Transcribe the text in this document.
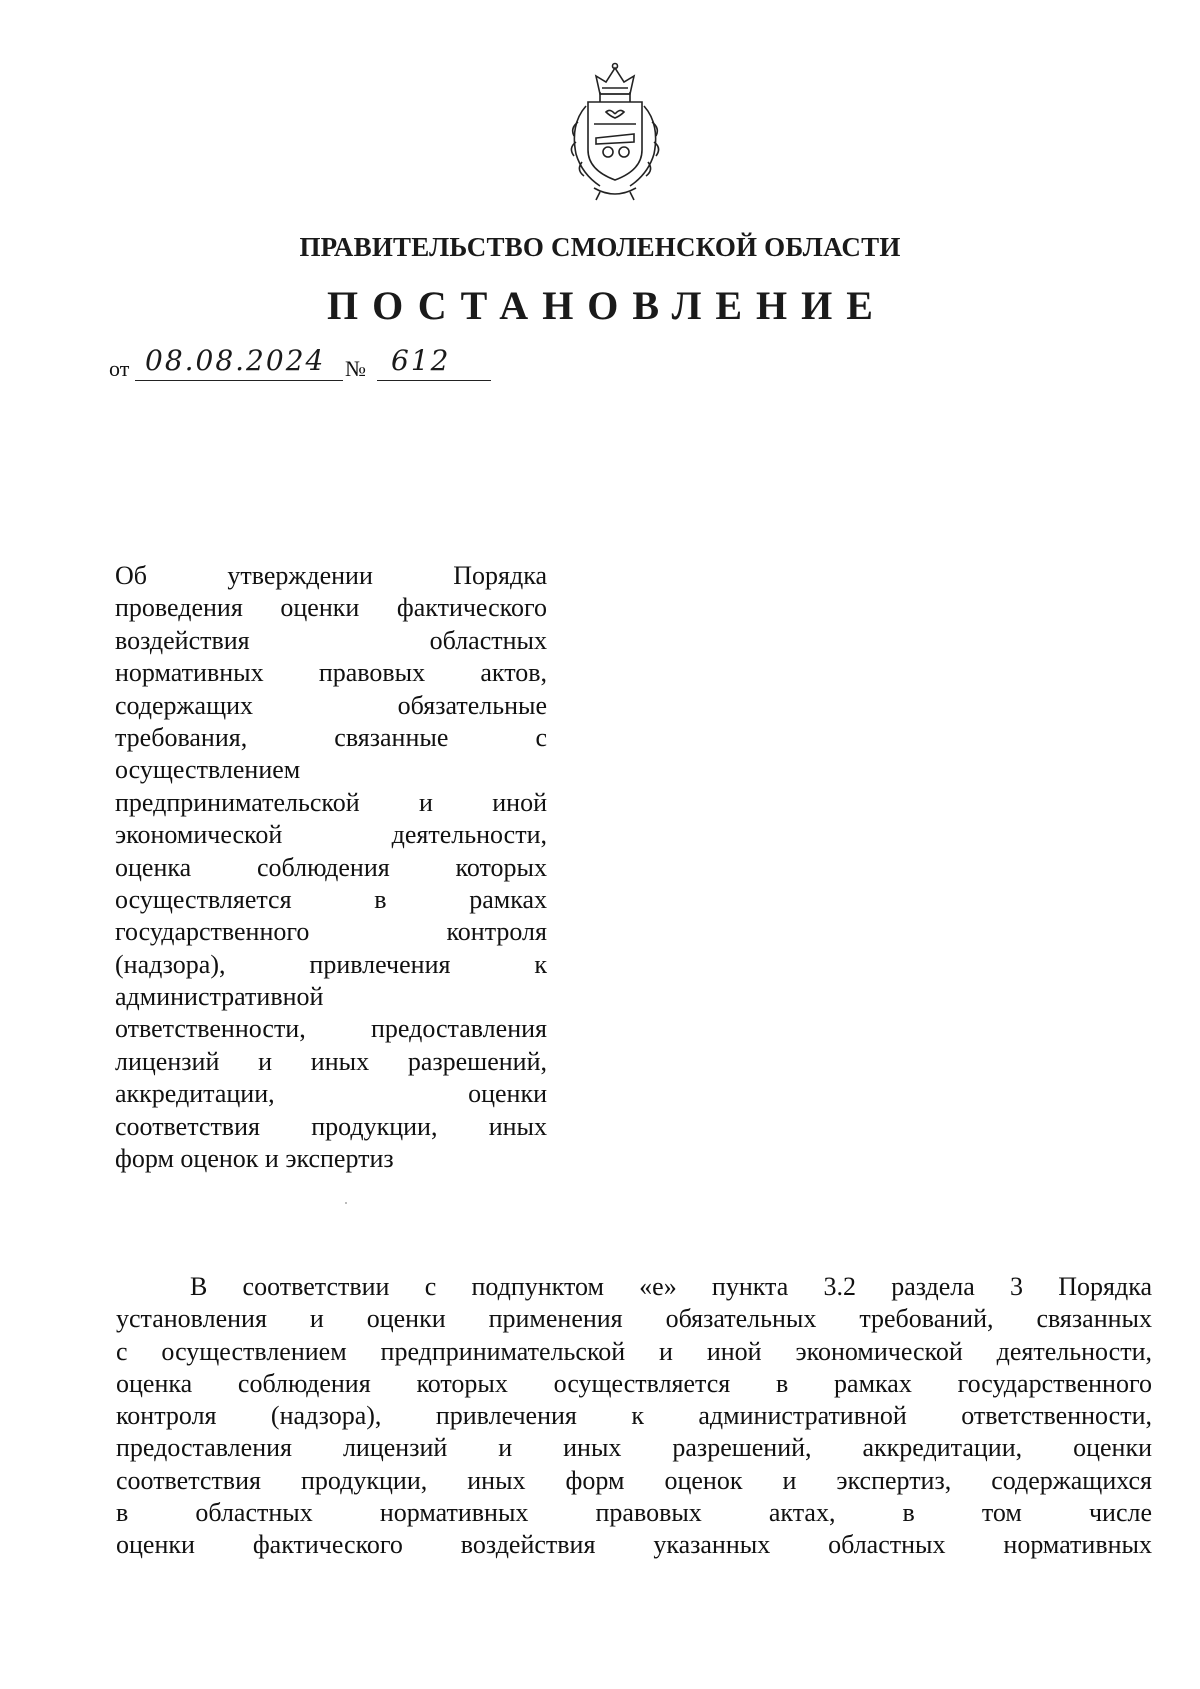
ПРАВИТЕЛЬСТВО СМОЛЕНСКОЙ ОБЛАСТИ
ПОСТАНОВЛЕНИЕ
от 08.08.2024 № 612
Об утверждении Порядка
проведения оценки фактического
воздействия областных
нормативных правовых актов,
содержащих обязательные
требования, связанные с
осуществлением
предпринимательской и иной
экономической деятельности,
оценка соблюдения которых
осуществляется в рамках
государственного контроля
(надзора), привлечения к
административной
ответственности, предоставления
лицензий и иных разрешений,
аккредитации, оценки
соответствия продукции, иных
форм оценок и экспертиз
В соответствии с подпунктом «е» пункта 3.2 раздела 3 Порядка
установления и оценки применения обязательных требований, связанных
с осуществлением предпринимательской и иной экономической деятельности,
оценка соблюдения которых осуществляется в рамках государственного
контроля (надзора), привлечения к административной ответственности,
предоставления лицензий и иных разрешений, аккредитации, оценки
соответствия продукции, иных форм оценок и экспертиз, содержащихся
в областных нормативных правовых актах, в том числе
оценки фактического воздействия указанных областных нормативных
